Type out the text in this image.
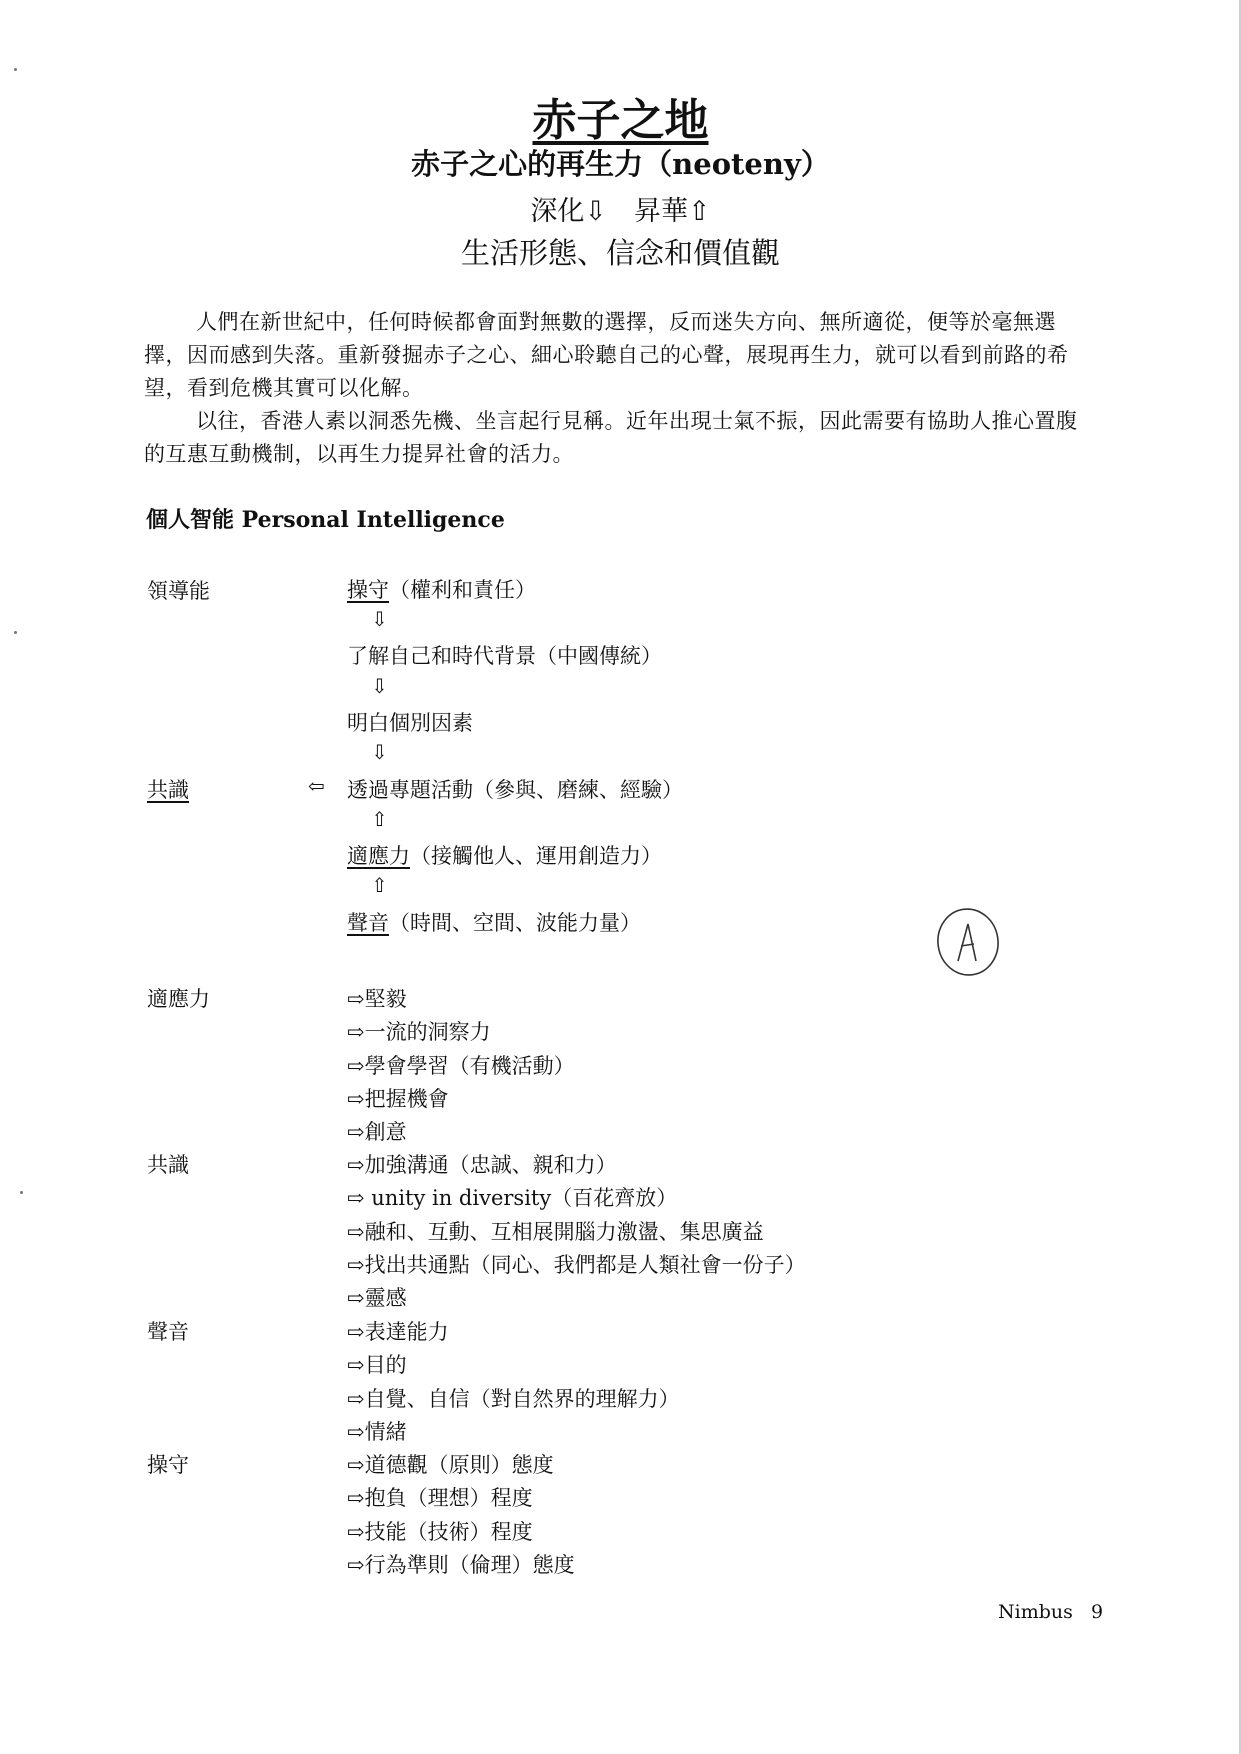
赤子之地
赤子之心的再生力（neoteny）
深化⇩　昇華⇧
生活形態、信念和價值觀
人們在新世紀中，任何時候都會面對無數的選擇，反而迷失方向、無所適從，便等於毫無選擇，因而感到失落。重新發掘赤子之心、細心聆聽自己的心聲，展現再生力，就可以看到前路的希望，看到危機其實可以化解。
以往，香港人素以洞悉先機、坐言起行見稱。近年出現士氣不振，因此需要有協助人推心置腹的互惠互動機制，以再生力提昇社會的活力。
個人智能 Personal Intelligence
領導能	操守（權利和責任）
⇩
了解自己和時代背景（中國傳統）
⇩
明白個別因素
⇩
共識	⇦ 透過專題活動（參與、磨練、經驗）
⇧
適應力（接觸他人、運用創造力）
⇧
聲音（時間、空間、波能力量）
適應力	⇨堅毅
⇨一流的洞察力
⇨學會學習（有機活動）
⇨把握機會
⇨創意
共識	⇨加強溝通（忠誠、親和力）
⇨ unity in diversity（百花齊放）
⇨融和、互動、互相展開腦力激盪、集思廣益
⇨找出共通點（同心、我們都是人類社會一份子）
⇨靈感
聲音	⇨表達能力
⇨目的
⇨自覺、自信（對自然界的理解力）
⇨情緒
操守	⇨道德觀（原則）態度
⇨抱負（理想）程度
⇨技能（技術）程度
⇨行為準則（倫理）態度
Nimbus 9
